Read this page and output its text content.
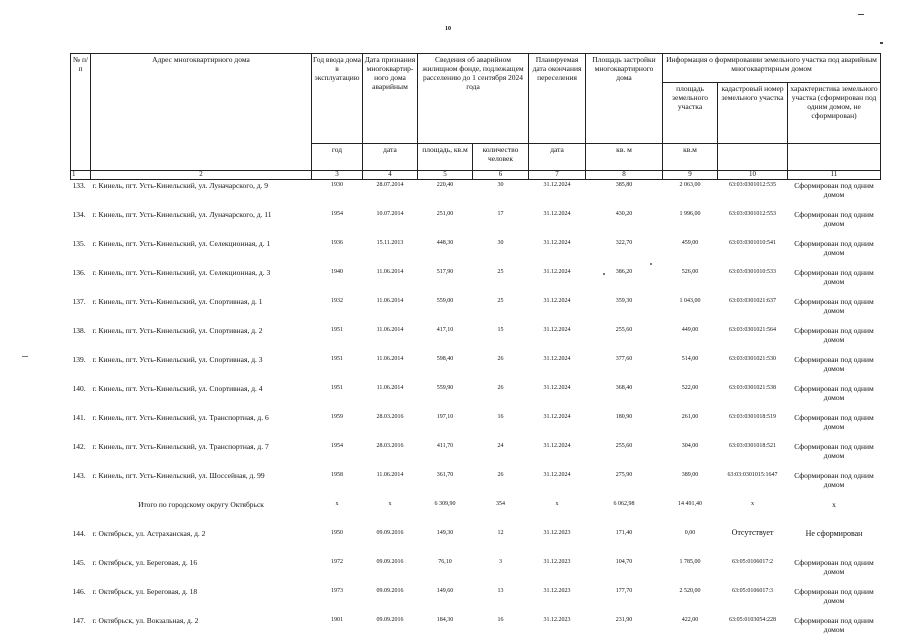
10
№ п/п	Адрес многоквартирного дома	Год ввода дома в эксплуатацию	Дата признания многоквартир-ного дома аварийным	Сведения об аварийном жилищном фонде, подлежащем расселению до 1 сентября 2024 года		Планируемая дата окончания переселения	Площадь застройки многоквартирного дома	Информация о формировании земельного участка под аварийным многоквартирным домом		
								площадь земельного участка	кадастровый номер земельного участка	характеристика земельного участка (сформирован под одним домом, не сформирован)
		год	дата	площадь, кв.м	количество человек	дата	кв. м	кв.м		
1	2	3	4	5	6	7	8	9	10	11
133.	г. Кинель, пгт. Усть-Кинельский, ул. Луначарского, д. 9	1930	28.07.2014	220,40	30	31.12.2024	385,80	2 063,00	63:03:0301012:535	Сформирован под одним домом
134.	г. Кинель, пгт. Усть-Кинельский, ул. Луначарского, д. 11	1954	10.07.2014	251,00	17	31.12.2024	430,20	1 996,00	63:03:0301012:553	Сформирован под одним домом
135.	г. Кинель, пгт. Усть-Кинельский, ул. Селекционная, д. 1	1936	15.11.2013	448,30	30	31.12.2024	322,70	459,00	63:03:0301010:541	Сформирован под одним домом
136.	г. Кинель, пгт. Усть-Кинельский, ул. Селекционная, д. 3	1940	11.06.2014	517,90	25	31.12.2024	386,20	526,00	63:03:0301010:533	Сформирован под одним домом
137.	г. Кинель, пгт. Усть-Кинельский, ул. Спортивная, д. 1	1932	11.06.2014	559,00	25	31.12.2024	359,30	1 043,00	63:03:0301021:637	Сформирован под одним домом
138.	г. Кинель, пгт. Усть-Кинельский, ул. Спортивная, д. 2	1951	11.06.2014	417,10	15	31.12.2024	255,60	449,00	63:03:0301021:564	Сформирован под одним домом
139.	г. Кинель, пгт. Усть-Кинельский, ул. Спортивная, д. 3	1951	11.06.2014	598,40	26	31.12.2024	377,60	514,00	63:03:0301021:530	Сформирован под одним домом
140.	г. Кинель, пгт. Усть-Кинельский, ул. Спортивная, д. 4	1951	11.06.2014	559,90	26	31.12.2024	368,40	522,00	63:03:0301021:538	Сформирован под одним домом
141.	г. Кинель, пгт. Усть-Кинельский, ул. Транспортная, д. 6	1959	28.03.2016	197,10	16	31.12.2024	180,90	261,00	63:03:0301018:519	Сформирован под одним домом
142.	г. Кинель, пгт. Усть-Кинельский, ул. Транспортная, д. 7	1954	28.03.2016	411,70	24	31.12.2024	255,60	304,00	63:03:0301018:521	Сформирован под одним домом
143.	г. Кинель, пгт. Усть-Кинельский, ул. Шоссейная, д. 99	1958	11.06.2014	361,70	26	31.12.2024	275,90	389,00	63:03:0301015:1647	Сформирован под одним домом
	Итого по городскому округу Октябрьск	x	x	6 309,90	354	x	6 062,98	14 491,40	x	x
144.	г. Октябрьск, ул. Астраханская, д. 2	1950	09.09.2016	149,30	12	31.12.2023	171,40	0,00	Отсутствует	Не сформирован
145.	г. Октябрьск, ул. Береговая, д. 16	1972	09.09.2016	76,10	3	31.12.2023	104,70	1 785,00	63:05:0106017:2	Сформирован под одним домом
146.	г. Октябрьск, ул. Береговая, д. 18	1973	09.09.2016	149,60	13	31.12.2023	177,70	2 520,00	63:05:0106017:3	Сформирован под одним домом
147.	г. Октябрьск, ул. Вокзальная, д. 2	1901	09.09.2016	184,30	16	31.12.2023	231,90	422,00	63:05:0103054:228	Сформирован под одним домом
